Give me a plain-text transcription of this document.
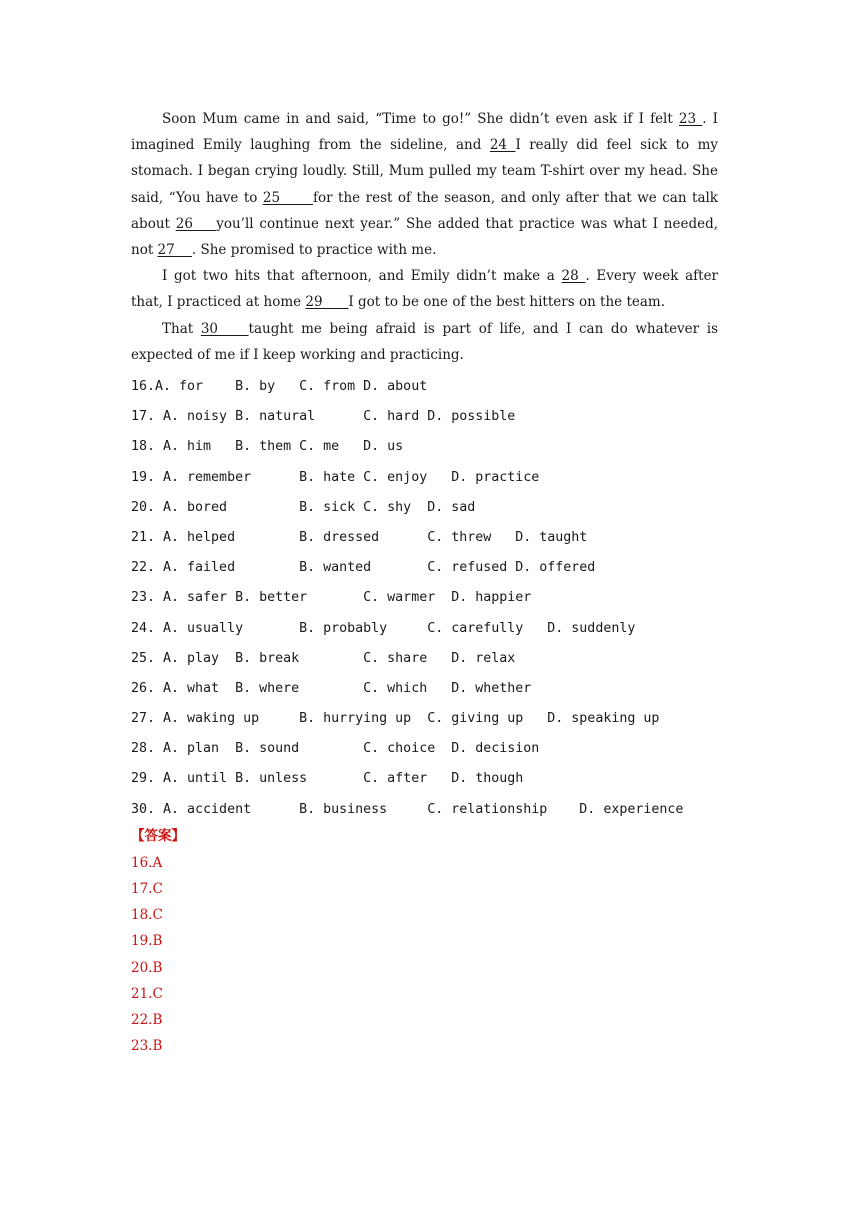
Soon Mum came in and said, “Time to go!” She didn’t even ask if I felt 23 . I imagined Emily laughing from the sideline, and 24 I really did feel sick to my stomach. I began crying loudly. Still, Mum pulled my team T-shirt over my head. She said, “You have to 25      for the rest of the season, and only after that we can talk about 26    you’ll continue next year.” She added that practice was what I needed, not 27    . She promised to practice with me.

I got two hits that afternoon, and Emily didn’t make a 28 . Every week after that, I practiced at home 29      I got to be one of the best hitters on the team.

That 30    taught me being afraid is part of life, and I can do whatever is expected of me if I keep working and practicing.

16.A. for    B. by   C. from D. about
17. A. noisy B. natural      C. hard D. possible
18. A. him   B. them C. me   D. us
19. A. remember      B. hate C. enjoy   D. practice
20. A. bored         B. sick C. shy  D. sad
21. A. helped        B. dressed      C. threw   D. taught
22. A. failed        B. wanted       C. refused D. offered
23. A. safer B. better       C. warmer  D. happier
24. A. usually       B. probably     C. carefully   D. suddenly
25. A. play  B. break        C. share   D. relax
26. A. what  B. where        C. which   D. whether
27. A. waking up     B. hurrying up  C. giving up   D. speaking up
28. A. plan  B. sound        C. choice  D. decision
29. A. until B. unless       C. after   D. though
30. A. accident      B. business     C. relationship    D. experience
【答案】
16.A
17.C
18.C
19.B
20.B
21.C
22.B
23.B
